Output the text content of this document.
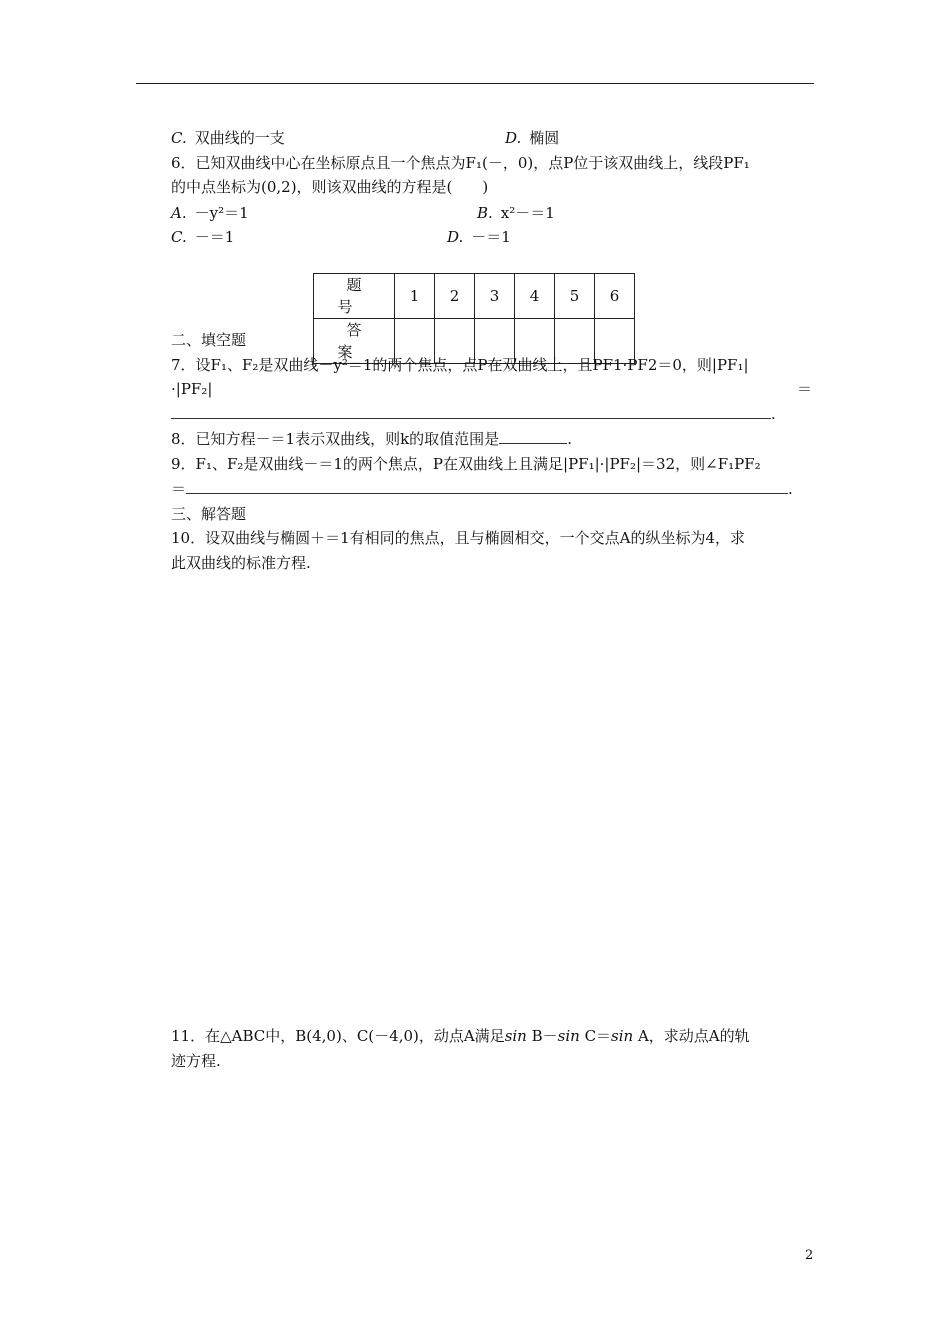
C. 双曲线的一支	D. 椭圆
6．已知双曲线中心在坐标原点且一个焦点为F₁(－，0)，点P位于该双曲线上，线段PF₁
的中点坐标为(0,2)，则该双曲线的方程是(　　)
A. －y²＝1	B. x²－＝1
C. －＝1	D. －＝1
题号	1	2	3	4	5	6
答案						
二、填空题
7．设F₁、F₂是双曲线－y²＝1的两个焦点，点P在双曲线上，且PF1·PF2＝0，则|PF₁|
·|PF₂|	＝
.
8．已知方程－＝1表示双曲线，则k的取值范围是	.
9．F₁、F₂是双曲线－＝1的两个焦点，P在双曲线上且满足|PF₁|·|PF₂|＝32，则∠F₁PF₂
＝	.
三、解答题
10．设双曲线与椭圆＋＝1有相同的焦点，且与椭圆相交，一个交点A的纵坐标为4，求
此双曲线的标准方程.
11．在△ABC中，B(4,0)、C(－4,0)，动点A满足sin B－sin C＝sin A，求动点A的轨
迹方程.
2
